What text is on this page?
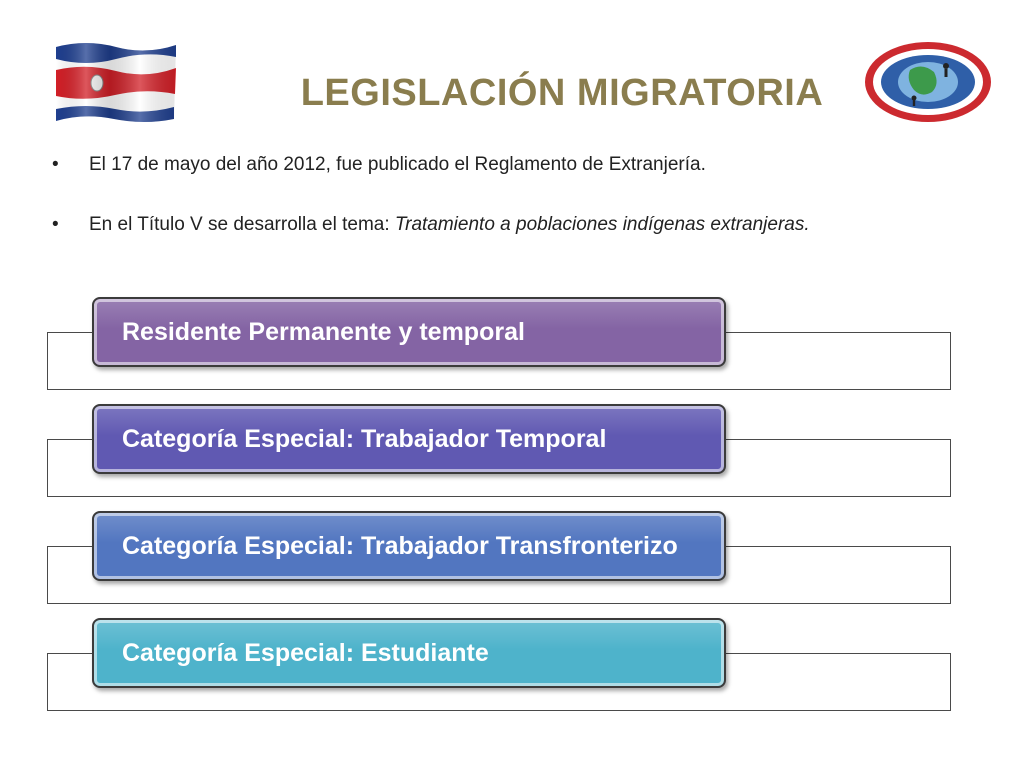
LEGISLACIÓN MIGRATORIA
• El 17 de mayo del año 2012, fue publicado el Reglamento de Extranjería.
• En el Título V se desarrolla el tema: Tratamiento a poblaciones indígenas extranjeras.
Residente Permanente y temporal
Categoría Especial: Trabajador Temporal
Categoría Especial: Trabajador Transfronterizo
Categoría Especial: Estudiante
